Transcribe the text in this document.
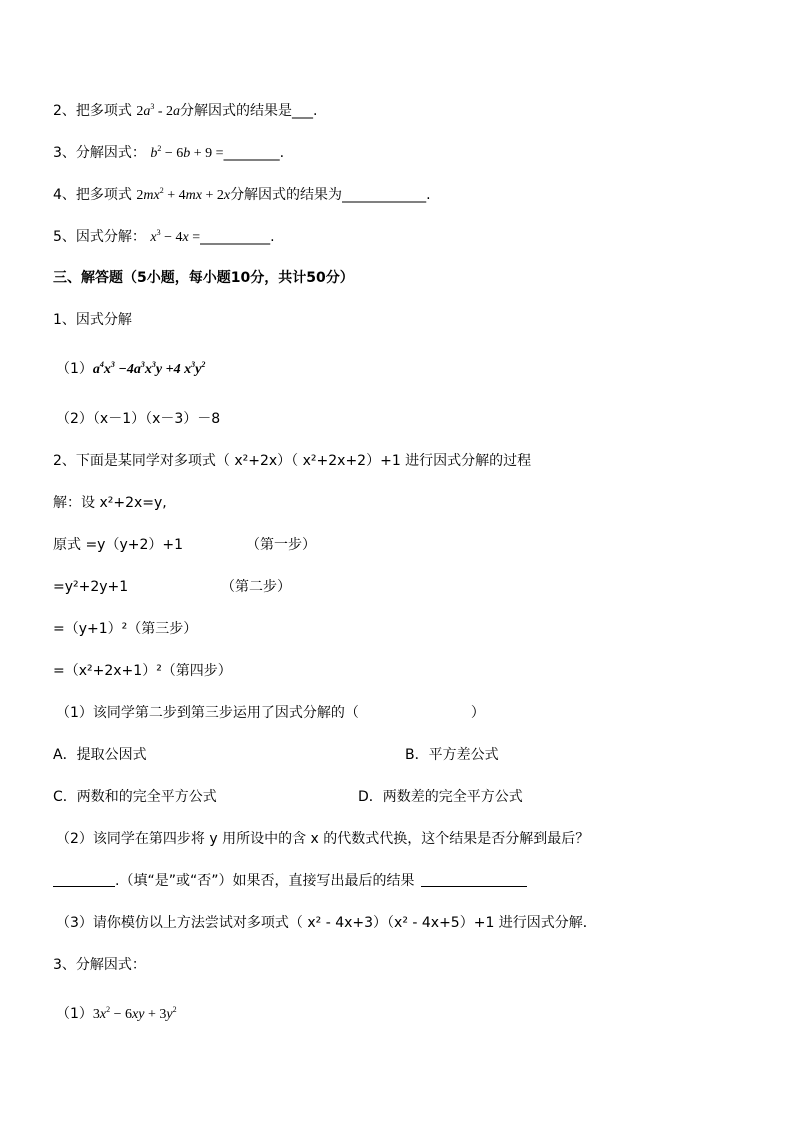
2、把多项式 $2a^3 - 2a$分解因式的结果是___.
3、分解因式： $b^2 - 6b + 9$ =________.
4、把多项式 $2mx^2 + 4mx + 2x$分解因式的结果为____________.
5、因式分解： $x^3 - 4x$ =__________.
三、解答题（5小题，每小题10分，共计50分）
1、因式分解
$(1)a^4x^3 -4a^3x^3y +4$ $x^3y^2$
（2）（x－1）（x－3）－8
2、下面是某同学对多项式（ x²+2x）（ x²+2x+2）+1 进行因式分解的过程
解：设 x²+2x=y,
原式 =y（y+2）+1	（第一步）
=y²+2y+1	（第二步）
=（y+1）²（第三步）
=（x²+2x+1）²（第四步）
（1）该同学第二步到第三步运用了因式分解的（　　　　　　　　）
A．提取公因式	B．平方差公式
C．两数和的完全平方公式	D．两数差的完全平方公式
（2）该同学在第四步将 y 用所设中的含 x 的代数式代换，这个结果是否分解到最后？
.（填“是”或“否”）如果否，直接写出最后的结果
（3）请你模仿以上方法尝试对多项式（ x² - 4x+3）（x² - 4x+5）+1 进行因式分解．
3、分解因式：
$(1)3x^2 - 6xy + 3y^2$
